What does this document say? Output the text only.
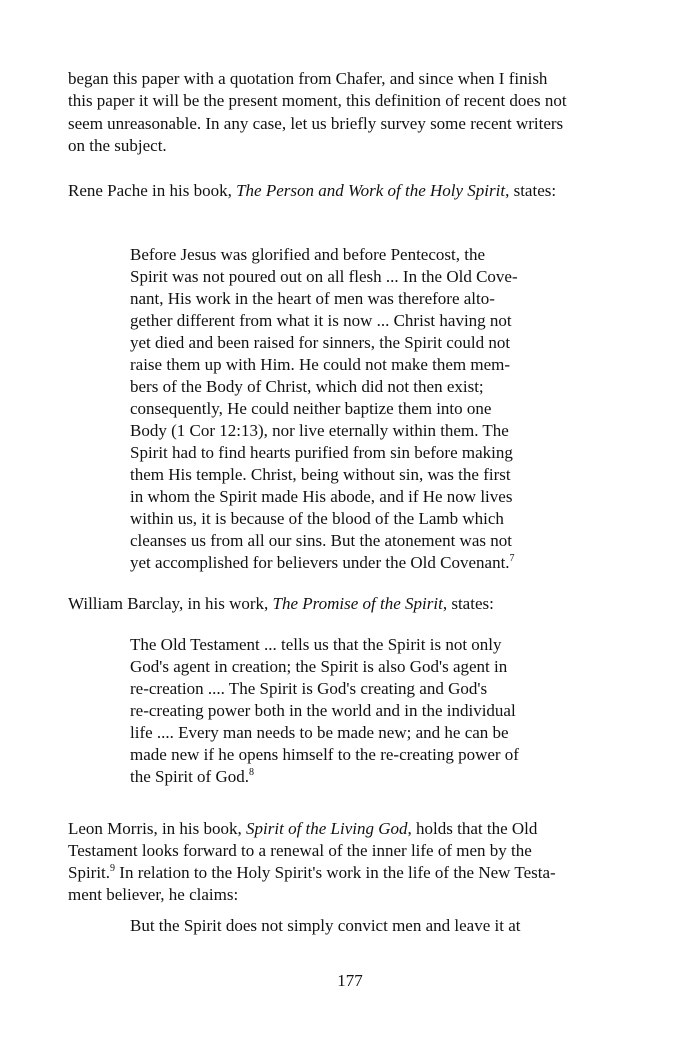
began this paper with a quotation from Chafer, and since when I finish
this paper it will be the present moment, this definition of recent does not
seem unreasonable. In any case, let us briefly survey some recent writers
on the subject.
Rene Pache in his book, The Person and Work of the Holy Spirit, states:
Before Jesus was glorified and before Pentecost, the
Spirit was not poured out on all flesh ... In the Old Cove-
nant, His work in the heart of men was therefore alto-
gether different from what it is now ... Christ having not
yet died and been raised for sinners, the Spirit could not
raise them up with Him. He could not make them mem-
bers of the Body of Christ, which did not then exist;
consequently, He could neither baptize them into one
Body (1 Cor 12:13), nor live eternally within them. The
Spirit had to find hearts purified from sin before making
them His temple. Christ, being without sin, was the first
in whom the Spirit made His abode, and if He now lives
within us, it is because of the blood of the Lamb which
cleanses us from all our sins. But the atonement was not
yet accomplished for believers under the Old Covenant.$^7$
William Barclay, in his work, The Promise of the Spirit, states:
The Old Testament ... tells us that the Spirit is not only
God's agent in creation; the Spirit is also God's agent in
re-creation .... The Spirit is God's creating and God's
re-creating power both in the world and in the individual
life .... Every man needs to be made new; and he can be
made new if he opens himself to the re-creating power of
the Spirit of God.$^8$
Leon Morris, in his book, Spirit of the Living God, holds that the Old
Testament looks forward to a renewal of the inner life of men by the
Spirit.$^9$ In relation to the Holy Spirit's work in the life of the New Testa-
ment believer, he claims:
But the Spirit does not simply convict men and leave it at
177
